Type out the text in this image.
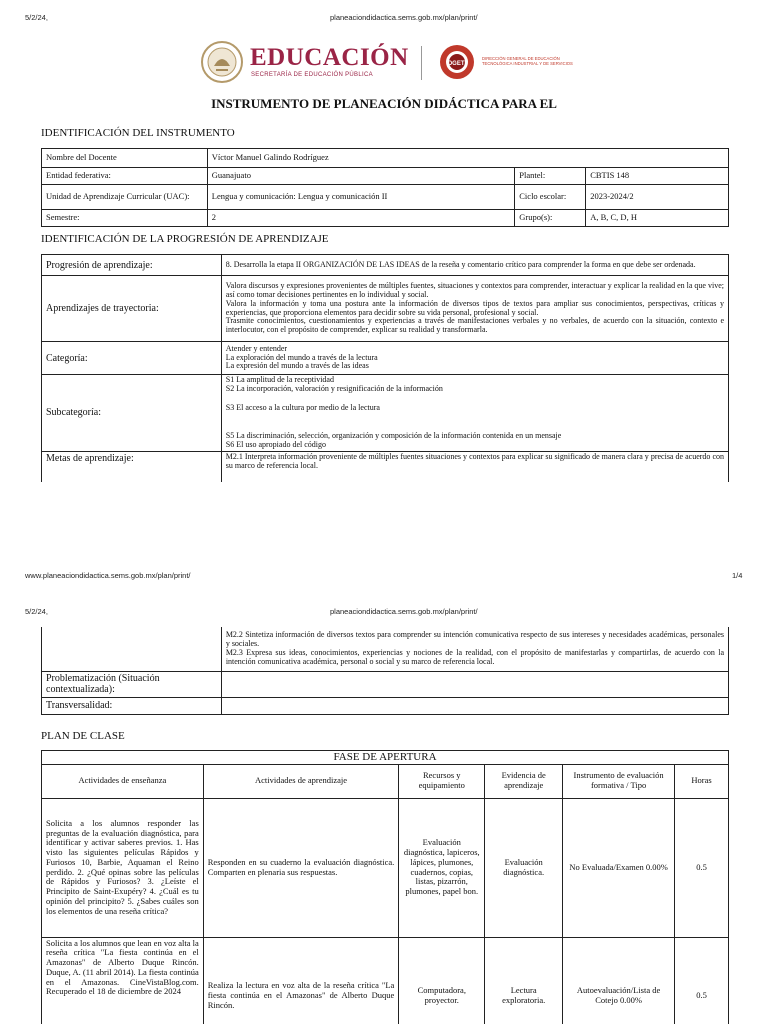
5/2/24,	planeaciondidactica.sems.gob.mx/plan/print/
EDUCACIÓN
SECRETARÍA DE EDUCACIÓN PÚBLICA
DGETI
DIRECCIÓN GENERAL DE EDUCACIÓN
TECNOLÓGICA INDUSTRIAL Y DE SERVICIOS
INSTRUMENTO DE PLANEACIÓN DIDÁCTICA PARA EL
IDENTIFICACIÓN DEL INSTRUMENTO
Nombre del Docente	Víctor Manuel Galindo Rodríguez		
Entidad federativa:	Guanajuato	Plantel:	CBTIS 148
Unidad de Aprendizaje Curricular (UAC):	Lengua y comunicación: Lengua y comunicación II	Ciclo escolar:	2023-2024/2
Semestre:	2	Grupo(s):	A, B, C, D, H
IDENTIFICACIÓN DE LA PROGRESIÓN DE APRENDIZAJE
Progresión de aprendizaje:	8. Desarrolla la etapa II ORGANIZACIÓN DE LAS IDEAS de la reseña y comentario crítico para comprender la forma en que debe ser ordenada.
Aprendizajes de trayectoria:	Valora discursos y expresiones provenientes de múltiples fuentes, situaciones y contextos para comprender, interactuar y explicar la realidad en la que vive; así como tomar decisiones pertinentes en lo individual y social.
Valora la información y toma una postura ante la información de diversos tipos de textos para ampliar sus conocimientos, perspectivas, críticas y experiencias, que proporciona elementos para decidir sobre su vida personal, profesional y social.
Trasmite conocimientos, cuestionamientos y experiencias a través de manifestaciones verbales y no verbales, de acuerdo con la situación, contexto e interlocutor, con el propósito de comprender, explicar su realidad y transformarla.

Categoría:	Atender y entender
La exploración del mundo a través de la lectura
La expresión del mundo a través de las ideas

Subcategoría:	S1 La amplitud de la receptividad
S2 La incorporación, valoración y resignificación de la información
S3 El acceso a la cultura por medio de la lectura
S5 La discriminación, selección, organización y composición de la información contenida en un mensaje
S6 El uso apropiado del código

Metas de aprendizaje:	M2.1 Interpreta información proveniente de múltiples fuentes situaciones y contextos para explicar su significado de manera clara y precisa de acuerdo con su marco de referencia local.
www.planeaciondidactica.sems.gob.mx/plan/print/	1/4
5/2/24,	planeaciondidactica.sems.gob.mx/plan/print/

	M2.2 Sintetiza información de diversos textos para comprender su intención comunicativa respecto de sus intereses y necesidades académicas, personales y sociales.
M2.3 Expresa sus ideas, conocimientos, experiencias y nociones de la realidad, con el propósito de manifestarlas y compartirlas, de acuerdo con la intención comunicativa académica, personal o social y su marco de referencia local.

Problematización (Situación contextualizada):	
Transversalidad:	
PLAN DE CLASE
FASE DE APERTURA					
Actividades de enseñanza	Actividades de aprendizaje	Recursos y equipamiento	Evidencia de aprendizaje	Instrumento de evaluación formativa / Tipo	Horas
Solicita a los alumnos responder las preguntas de la evaluación diagnóstica, para identificar y activar saberes previos. 1. Has visto las siguientes películas Rápidos y Furiosos 10, Barbie, Aquaman el Reino perdido. 2. ¿Qué opinas sobre las películas de Rápidos y Furiosos? 3. ¿Leíste el Principito de Saint-Exupéry? 4. ¿Cuál es tu opinión del principito? 5. ¿Sabes cuáles son los elementos de una reseña crítica?	Responden en su cuaderno la evaluación diagnóstica. Comparten en plenaria sus respuestas.	Evaluación diagnóstica, lapiceros, lápices, plumones, cuadernos, copias, listas, pizarrón, plumones, papel bon.	Evaluación diagnóstica.	No Evaluada/Examen 0.00%	0.5
Solicita a los alumnos que lean en voz alta la reseña crítica "La fiesta continúa en el Amazonas" de Alberto Duque Rincón. Duque, A. (11 abril 2014). La fiesta continúa en el Amazonas. CineVistaBlog.com. Recuperado el 18 de diciembre de 2024	Realiza la lectura en voz alta de la reseña crítica "La fiesta continúa en el Amazonas" de Alberto Duque Rincón.	Computadora, proyector.	Lectura exploratoria.	Autoevaluación/Lista de Cotejo 0.00%	0.5
